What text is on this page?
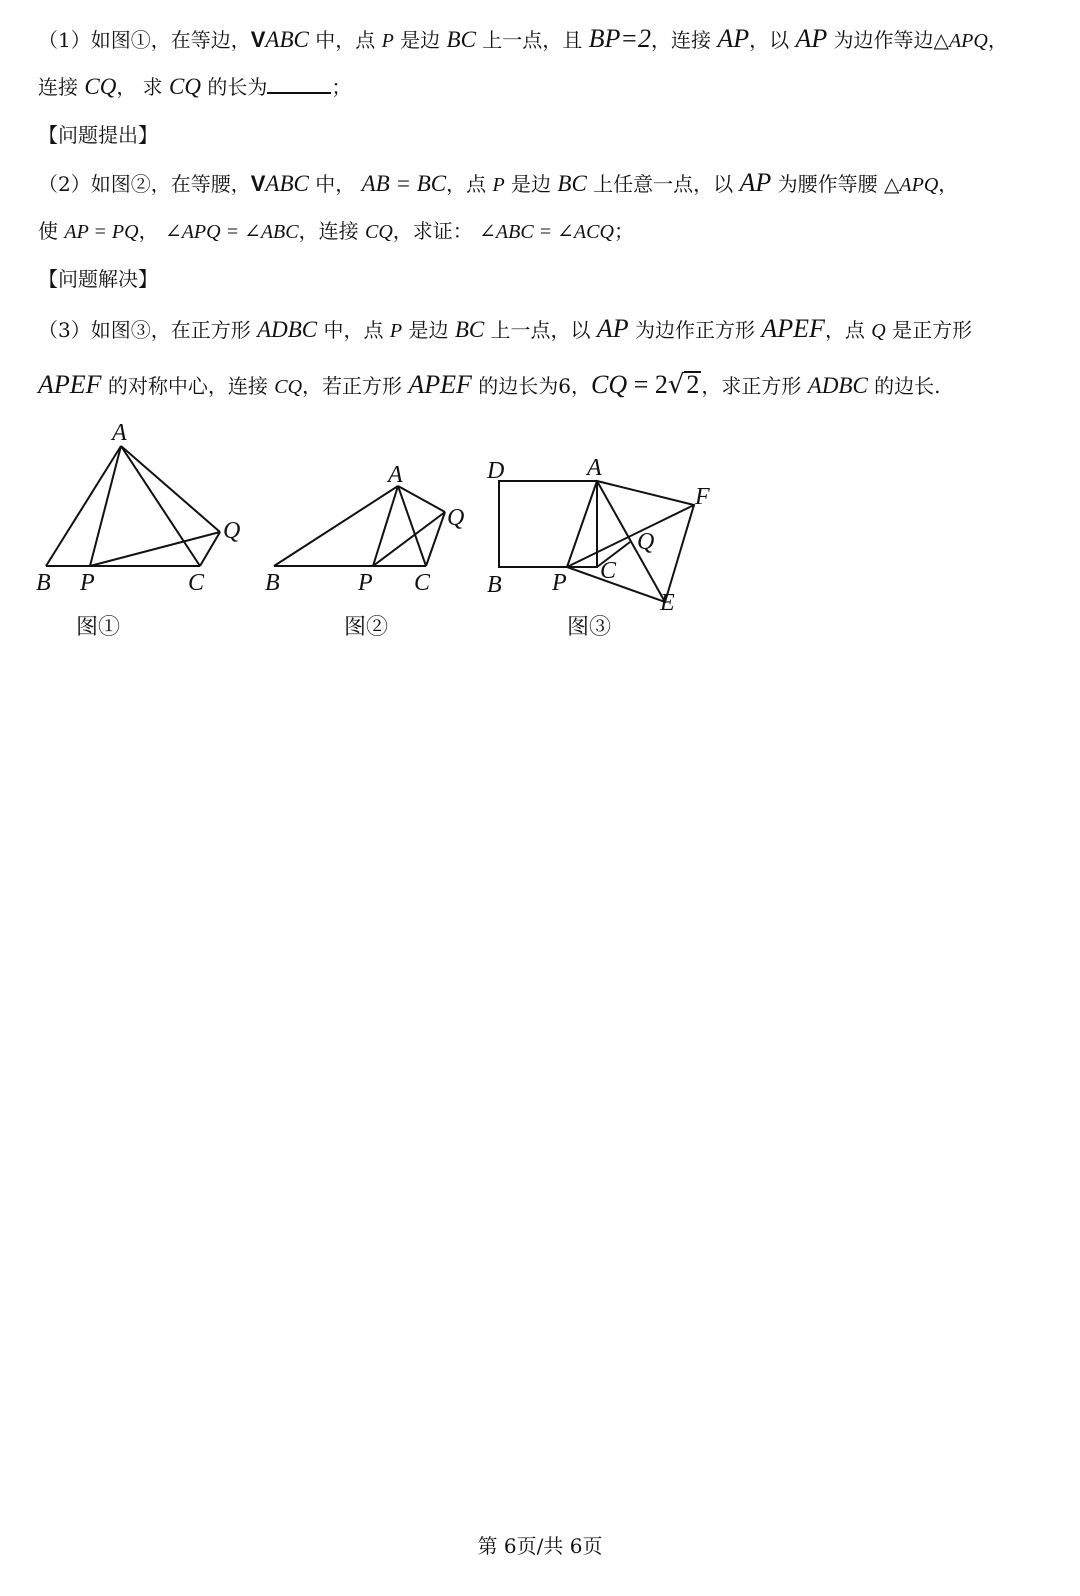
（1）如图①，在等边，VABC 中，点 P 是边 BC 上一点，且 BP=2，连接 AP，以 AP 为边作等边△APQ，
连接 CQ， 求 CQ 的长为	；
【问题提出】
（2）如图②，在等腰，VABC 中， AB = BC，点 P 是边 BC 上任意一点，以 AP 为腰作等腰 △APQ，
使 AP = PQ， ∠APQ = ∠ABC，连接 CQ，求证： ∠ABC = ∠ACQ；
【问题解决】
（3）如图③，在正方形 ADBC 中，点 P 是边 BC 上一点，以 AP 为边作正方形 APEF，点 Q 是正方形
APEF 的对称中心，连接 CQ，若正方形 APEF 的边长为6，CQ = 2√2 ，求正方形 ADBC 的边长.
A
B P	C
Q
图①
A
B	P C
Q
图②
D	A
F
Q
C
B P
E
图③
第 6页/共 6页
